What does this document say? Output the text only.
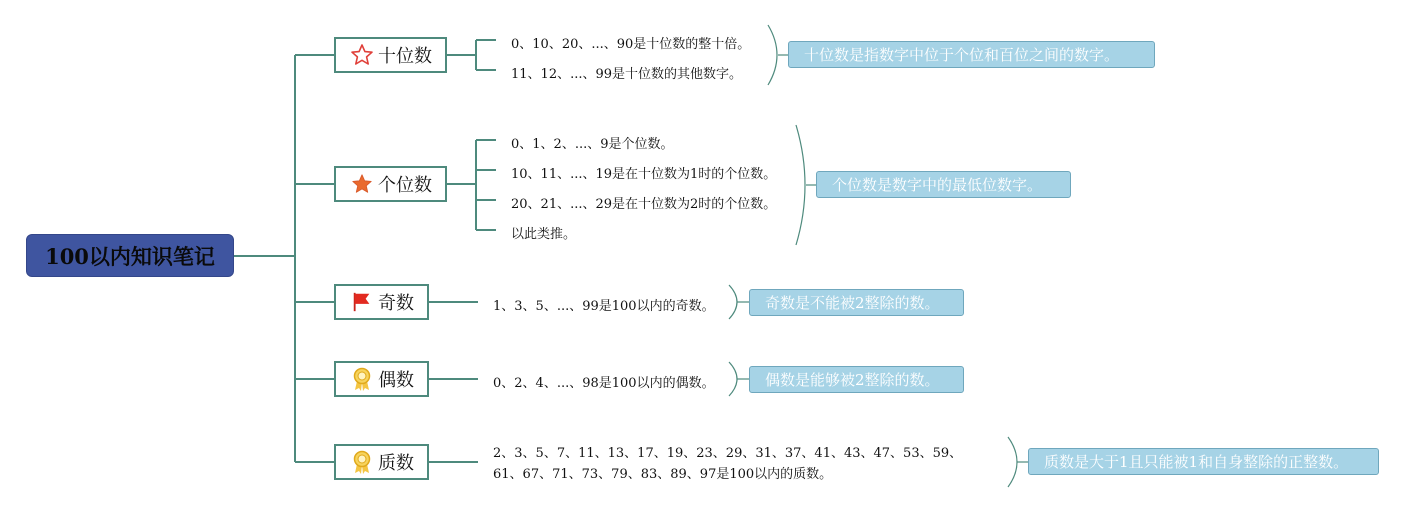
100以内知识笔记
十位数
0、10、20、...、90是十位数的整十倍。
11、12、...、99是十位数的其他数字。
十位数是指数字中位于个位和百位之间的数字。
个位数
0、1、2、...、9是个位数。
10、11、...、19是在十位数为1时的个位数。
20、21、...、29是在十位数为2时的个位数。
以此类推。
个位数是数字中的最低位数字。
奇数	1、3、5、...、99是100以内的奇数。	奇数是不能被2整除的数。
偶数	0、2、4、...、98是100以内的偶数。	偶数是能够被2整除的数。
质数	2、3、5、7、11、13、17、19、23、29、31、37、41、43、47、53、59、61、67、71、73、79、83、89、97是100以内的质数。
质数是大于1且只能被1和自身整除的正整数。
